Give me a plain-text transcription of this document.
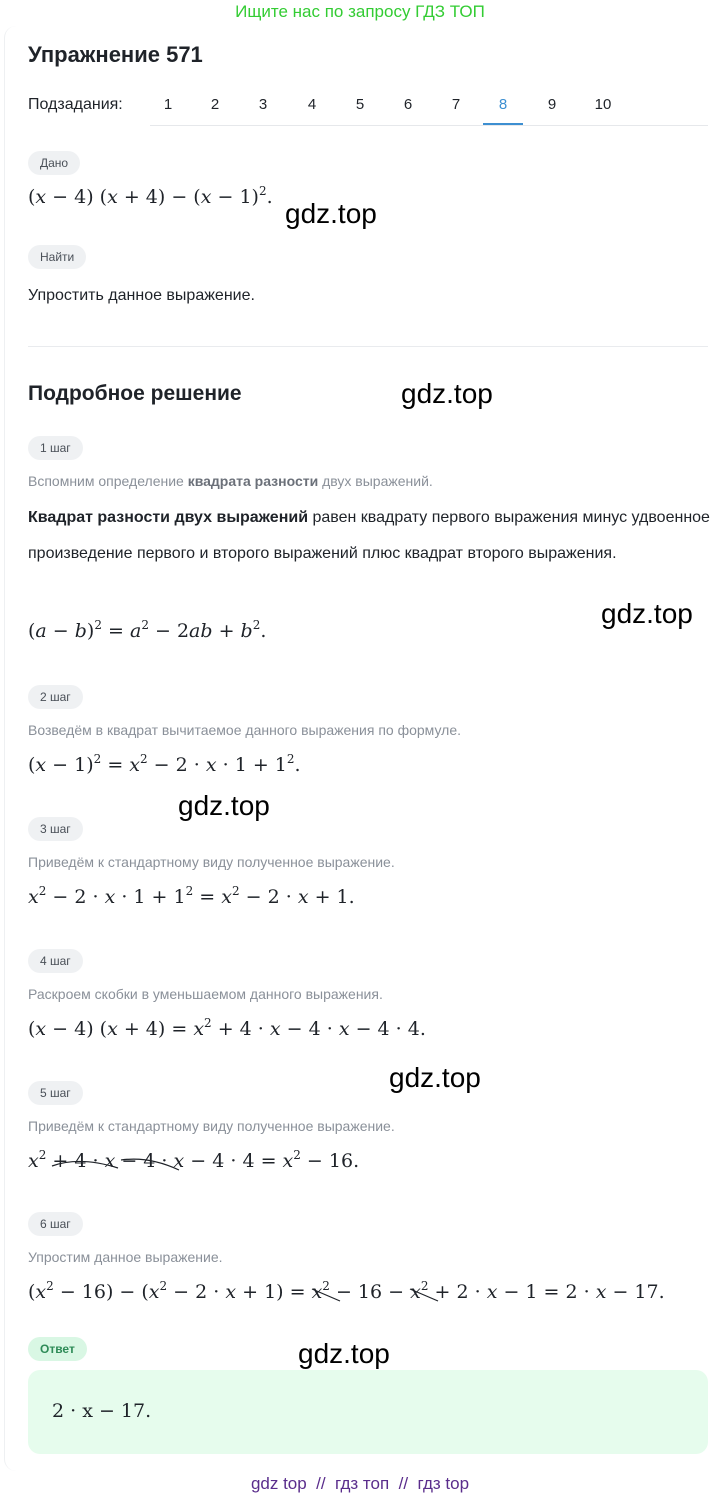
Ищите нас по запросу ГДЗ ТОП
Упражнение 571
Подзадания:	1	2	3	4	5	6	7	8	9	10
Дано
(x − 4) $(x + 4) - (x - 1)^2$.
gdz.top
Найти
Упростить данное выражение.
Подробное решение	gdz.top
1 шаг
Вспомним определение квадрата разности двух выражений.
Квадрат разности двух выражений равен квадрату первого выражения минус удвоенное произведение первого и второго выражений плюс квадрат второго выражения.
$(a - b)^2 = a^2 - 2ab + b^2$.
gdz.top
2 шаг
Возведём в квадрат вычитаемое данного выражения по формуле.
$(x - 1)^2 = x^2 - 2 \cdot x \cdot 1 + 1^2$.
gdz.top
3 шаг
Приведём к стандартному виду полученное выражение.
$x^2 - 2 \cdot x \cdot 1 + 1^2 = x^2 - 2 \cdot x + 1$.
4 шаг
Раскроем скобки в уменьшаемом данного выражения.
(x − 4) $(x + 4) = x^2 + 4 \cdot x - 4 \cdot x - 4 \cdot 4$.
gdz.top
5 шаг
Приведём к стандартному виду полученное выражение.
$x^2 + 4 \cdot x - 4 \cdot x$
− $4 \cdot 4 = x^2 - 16$.
6 шаг
Упростим данное выражение.
$(x^2 - 16) - (x^2 - 2 \cdot x + 1) = x^2$
− $16 - x^2$
+ 2 · x − 1 = 2 · x − 17.
Ответ	gdz.top
2 · x − 17.
gdz top  //  гдз топ  //  гдз top
